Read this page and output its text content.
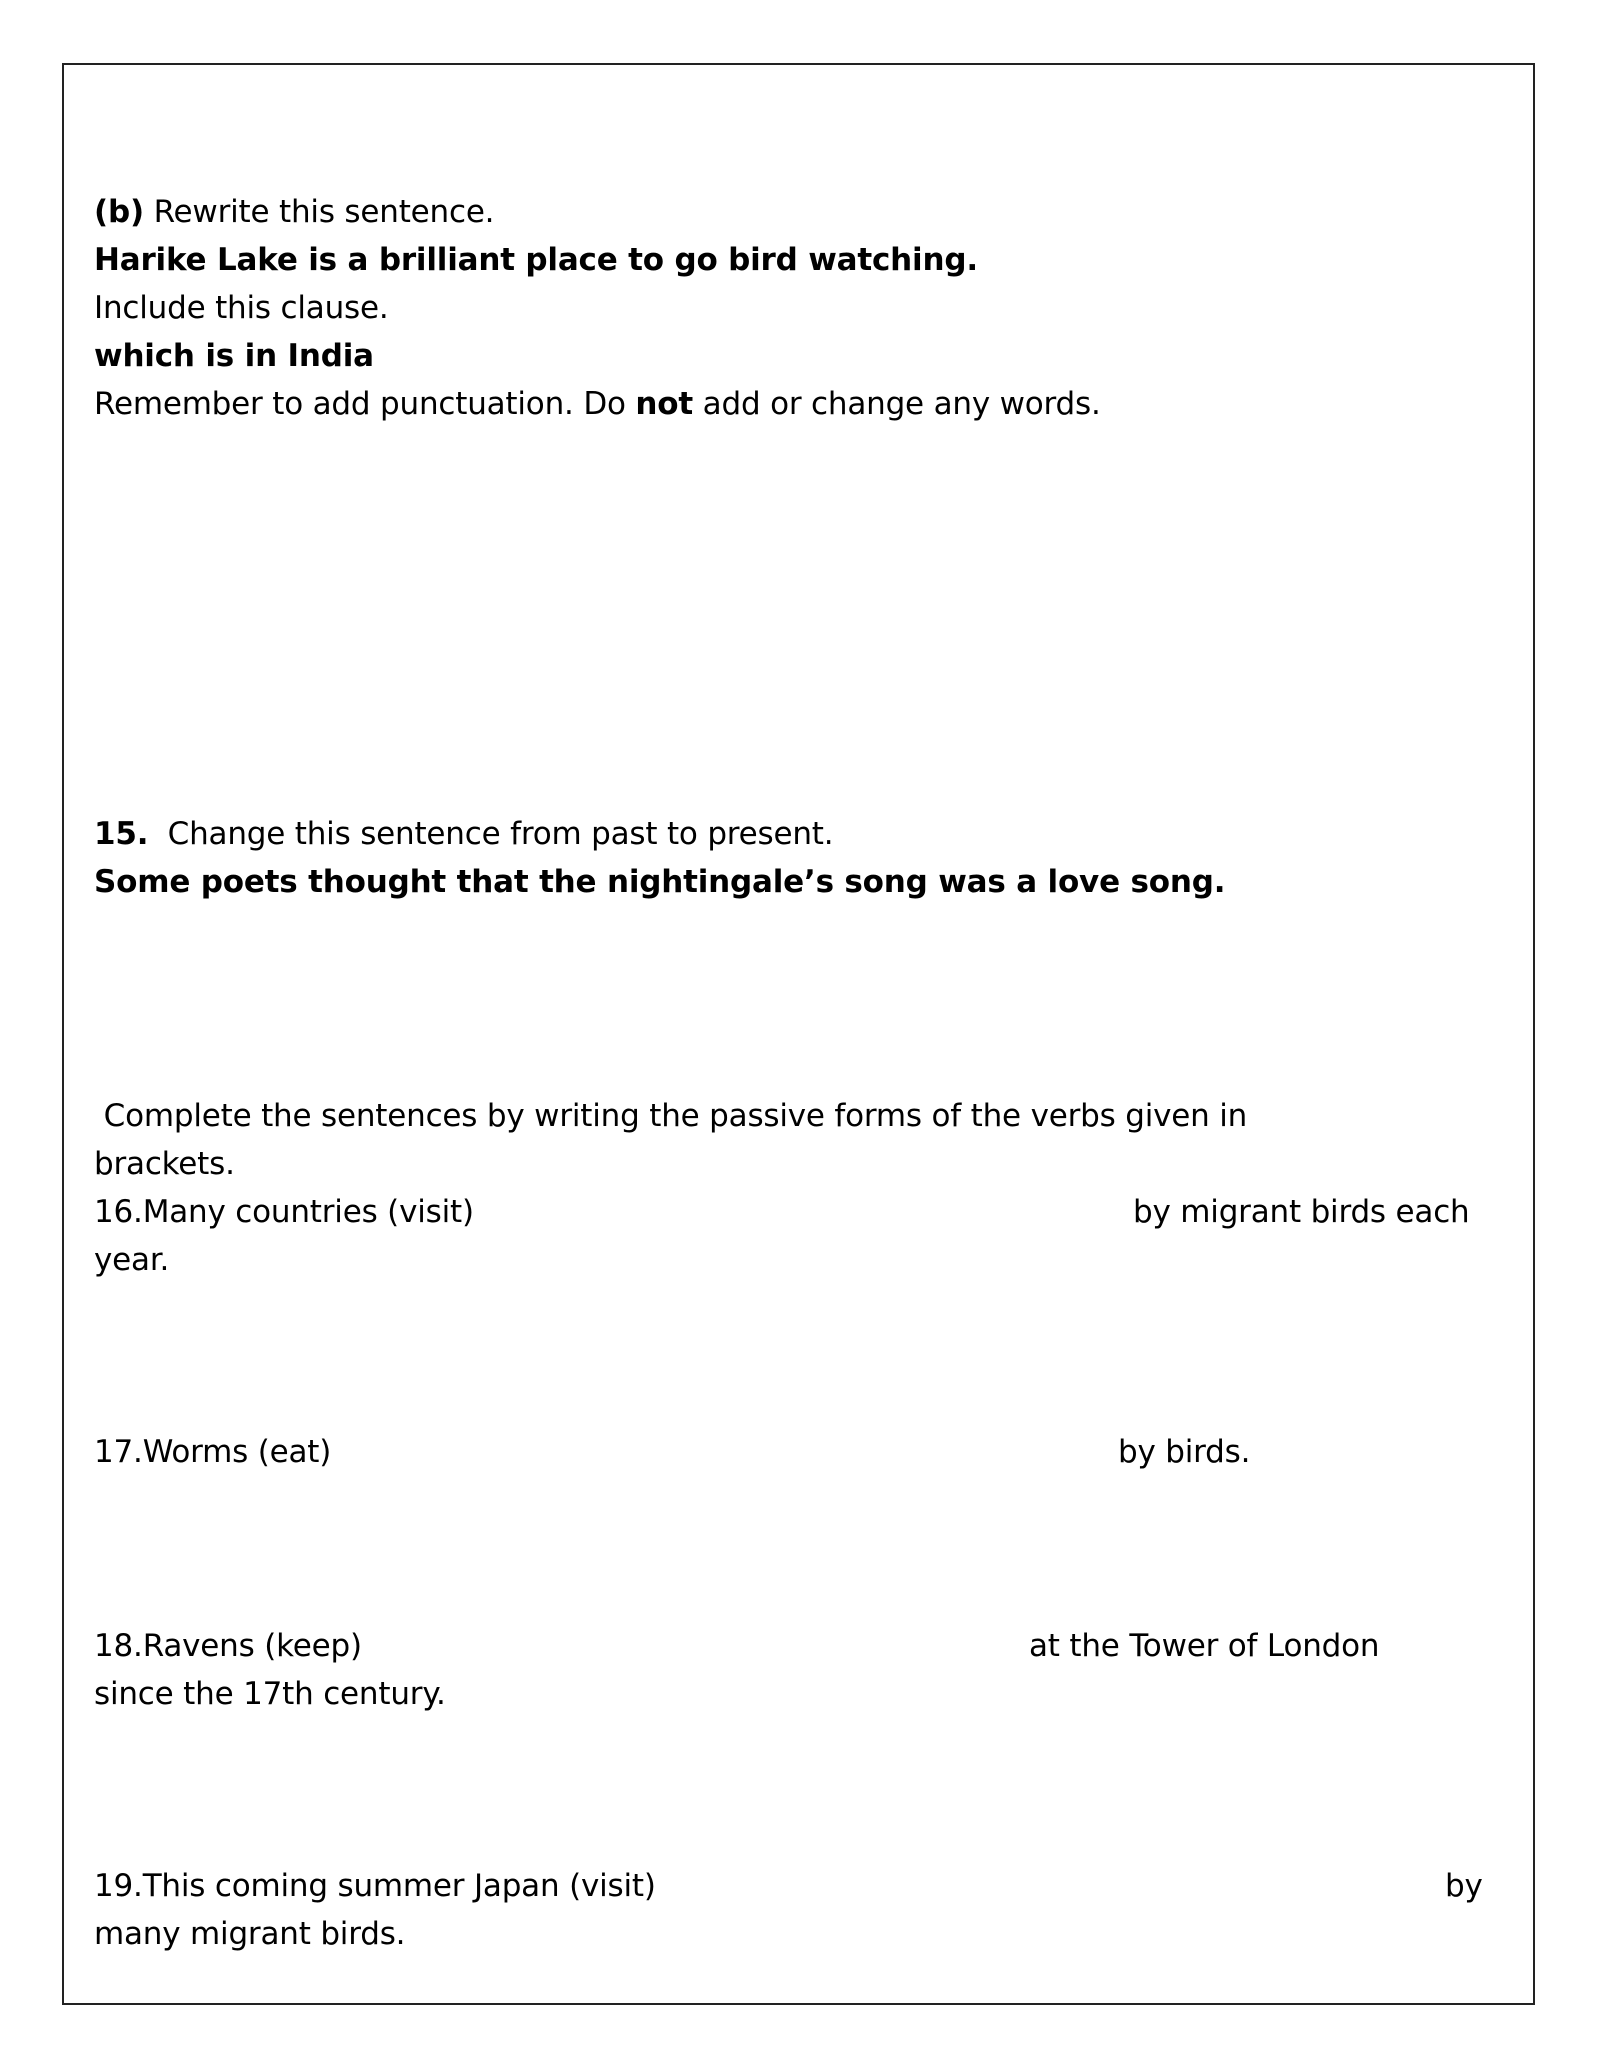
(b) Rewrite this sentence.
Harike Lake is a brilliant place to go bird watching.
Include this clause.
which is in India
Remember to add punctuation. Do not add or change any words.
15.  Change this sentence from past to present.
Some poets thought that the nightingale’s song was a love song.
Complete the sentences by writing the passive forms of the verbs given in
brackets.
16.Many countries (visit)	by migrant birds each
year.
17.Worms (eat)	by birds.
18.Ravens (keep)	at the Tower of London
since the 17th century.
19.This coming summer Japan (visit)	by
many migrant birds.
